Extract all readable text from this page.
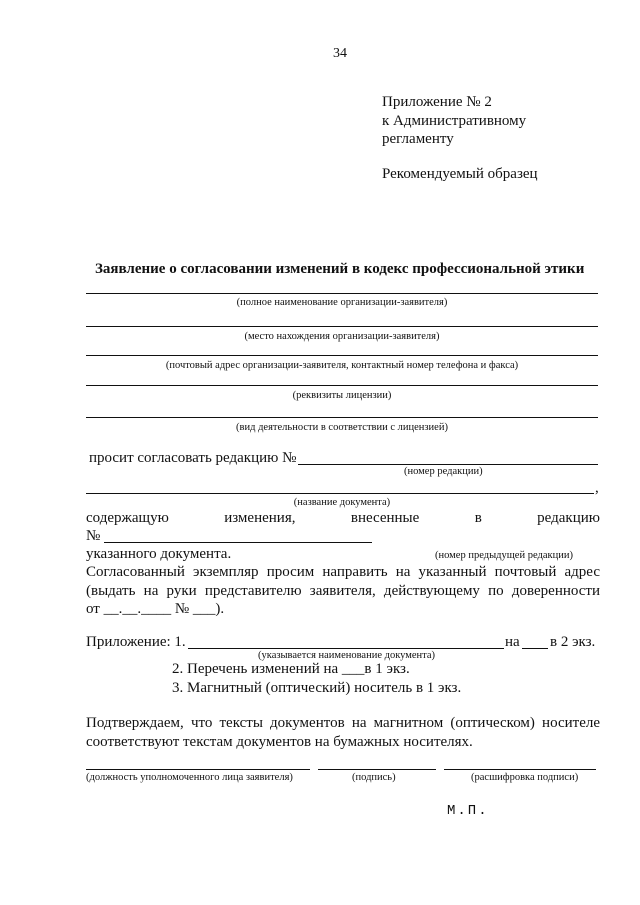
34
Приложение № 2
к Административному
регламенту
Рекомендуемый образец
Заявление о согласовании изменений в кодекс профессиональной этики
(полное наименование организации-заявителя)
(место нахождения организации-заявителя)
(почтовый адрес организации-заявителя, контактный номер телефона и факса)
(реквизиты лицензии)
(вид деятельности в соответствии с лицензией)
просит согласовать редакцию №
(номер редакции)
,
(название документа)
содержащую	изменения,	внесенные	в	редакцию
№
указанного документа.	(номер предыдущей редакции)
Согласованный экземпляр просим направить на указанный почтовый адрес
(выдать на руки представителю заявителя, действующему по доверенности
от __.__.____ № ___).
Приложение: 1.	на в 2 экз.
(указывается наименование документа)
2. Перечень изменений на ___в 1 экз.
3. Магнитный (оптический) носитель в 1 экз.
Подтверждаем, что тексты документов на магнитном (оптическом) носителе
соответствуют текстам документов на бумажных носителях.
(должность уполномоченного лица заявителя)	(подпись)	(расшифровка подписи)
М.П.
